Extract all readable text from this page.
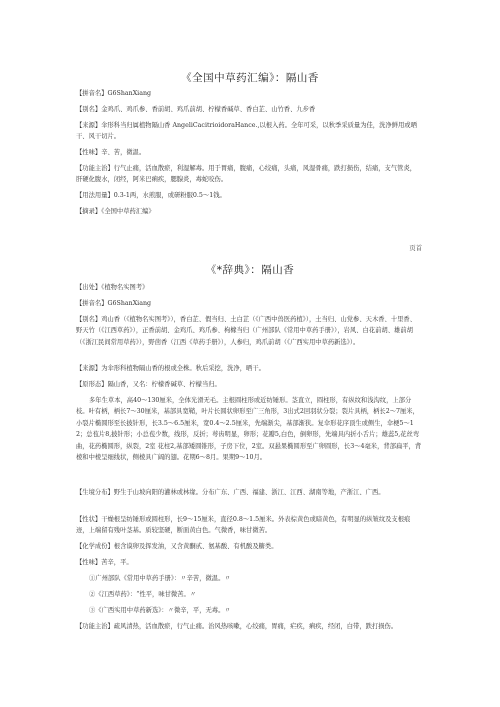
《全国中草药汇编》：隔山香
【拼音名】G6ShanXiang
【别名】金鸡爪、鸡爪参、香前胡、鸡爪前胡、柠檬香碱草、香白芷、山竹香、九步香
【来源】伞形科当归属植物隔山香 AngeliCacitrioidoraHance.,以根入药。全年可采，以秋季采质量为佳，洗净鲜用或晒干、风干切片。
【性味】辛、苦，微温。
【功能主治】行气止痛，活血散瘀，利湿解毒。用于胃痛，腹痛，心绞痛，头痛，风湿骨痛，跌打损伤，结痛，支气管炎，肝硬化腹水，闭经，阿米巴痢疾，腮腺炎，毒蛇咬伤。
【用法用量】0.3-1两，水煎服，或研粉服0.5～1钱。
【摘录】《全国中草药汇编》
页首
《*辞典》：隔山香
【出处】《植物名实图考》
【拼音名】G6ShanXiang
【别名】鸡山香（《植物名实图考》），香白芷、假当归、土白芷（《广西中兽医药植》），土当归、山党参、天木香、十里香、野天竹（《江西草药》），正香前胡、金鸡爪、鸡爪参、枸橼当归（广州部队《常用中草药手册》），岩风、白花前胡、雄前胡（《浙江民间常用草药》），野茴香（江西《草药手册》），人参归，鸡爪前胡（《广西实用中草药新选》）。
【来源】为伞形科植物隔山香的根或全株。秋后采挖，洗净，晒干。
【原形态】隔山香，又名：柠檬香碱草、柠檬当归。
多年生草本，高40～130厘米，全体光滑无毛。主根圆柱形或近纺锤形。茎直立，圆柱形，有纵纹和浅沟纹，上部分枝。叶有柄，柄长7～30厘米，基部具宽鞘，叶片长圆状卵形至广三角形，3出式2回羽状分裂；裂片具柄，柄长2～7厘米，小裂片椭圆形至长披针形，长3.5～6.5厘米，宽0.4～2.5厘米，先端渐尖，基部渐狭。复伞形花序顶生或侧生，伞梗5～12；总苞片8,披针形；小总苞少数，线形，反折；萼齿明显，卵形；花瓣5,白色，倒卵形，先端具内折小舌片；雄蕊5,花丝弯曲，花药椭圆形，纵裂，2室 花柱2,基部矮圆锥形，子房下位，2室。双悬果椭圆形至广卵圆形，长3～4毫米，背部扁平，背棱和中棱呈细线状，侧棱具广阔的翅。花期6～8月。果期9～10月。
【生境分布】野生于山坡向阳的灌林或林缘。分布广东、广西、福建、浙江、江西、湖南等地，产浙江、广西。
【性状】干燥根呈纺锤形或圆柱形，长9～15厘米，直径0.8～1.5厘米。外表棕黄色或暗黄色，有明显的纵皱纹及支根痕迹，上端留有残叶茎基。质较坚硬，断面黄白色。气微香，味甘微苦。
【化学成份】根含谟卵及挥发油，又含黄酮甙、氨基酸、有机酸及糖类。
【性味】苦辛，平。
①广州部队《常用中草药手册》：〃辛苦，微温。〃
②《江西草药》：“性平，味甘微苦。〃
③《广西实用中草药新选》：〃微辛，平，无毒。〃
【功能主治】疏风清热，活血散瘀，行气止痛。治风热咳嗽，心绞痛，胃痛，疟疾，痢疾，经闭，白带，跌打损伤。
